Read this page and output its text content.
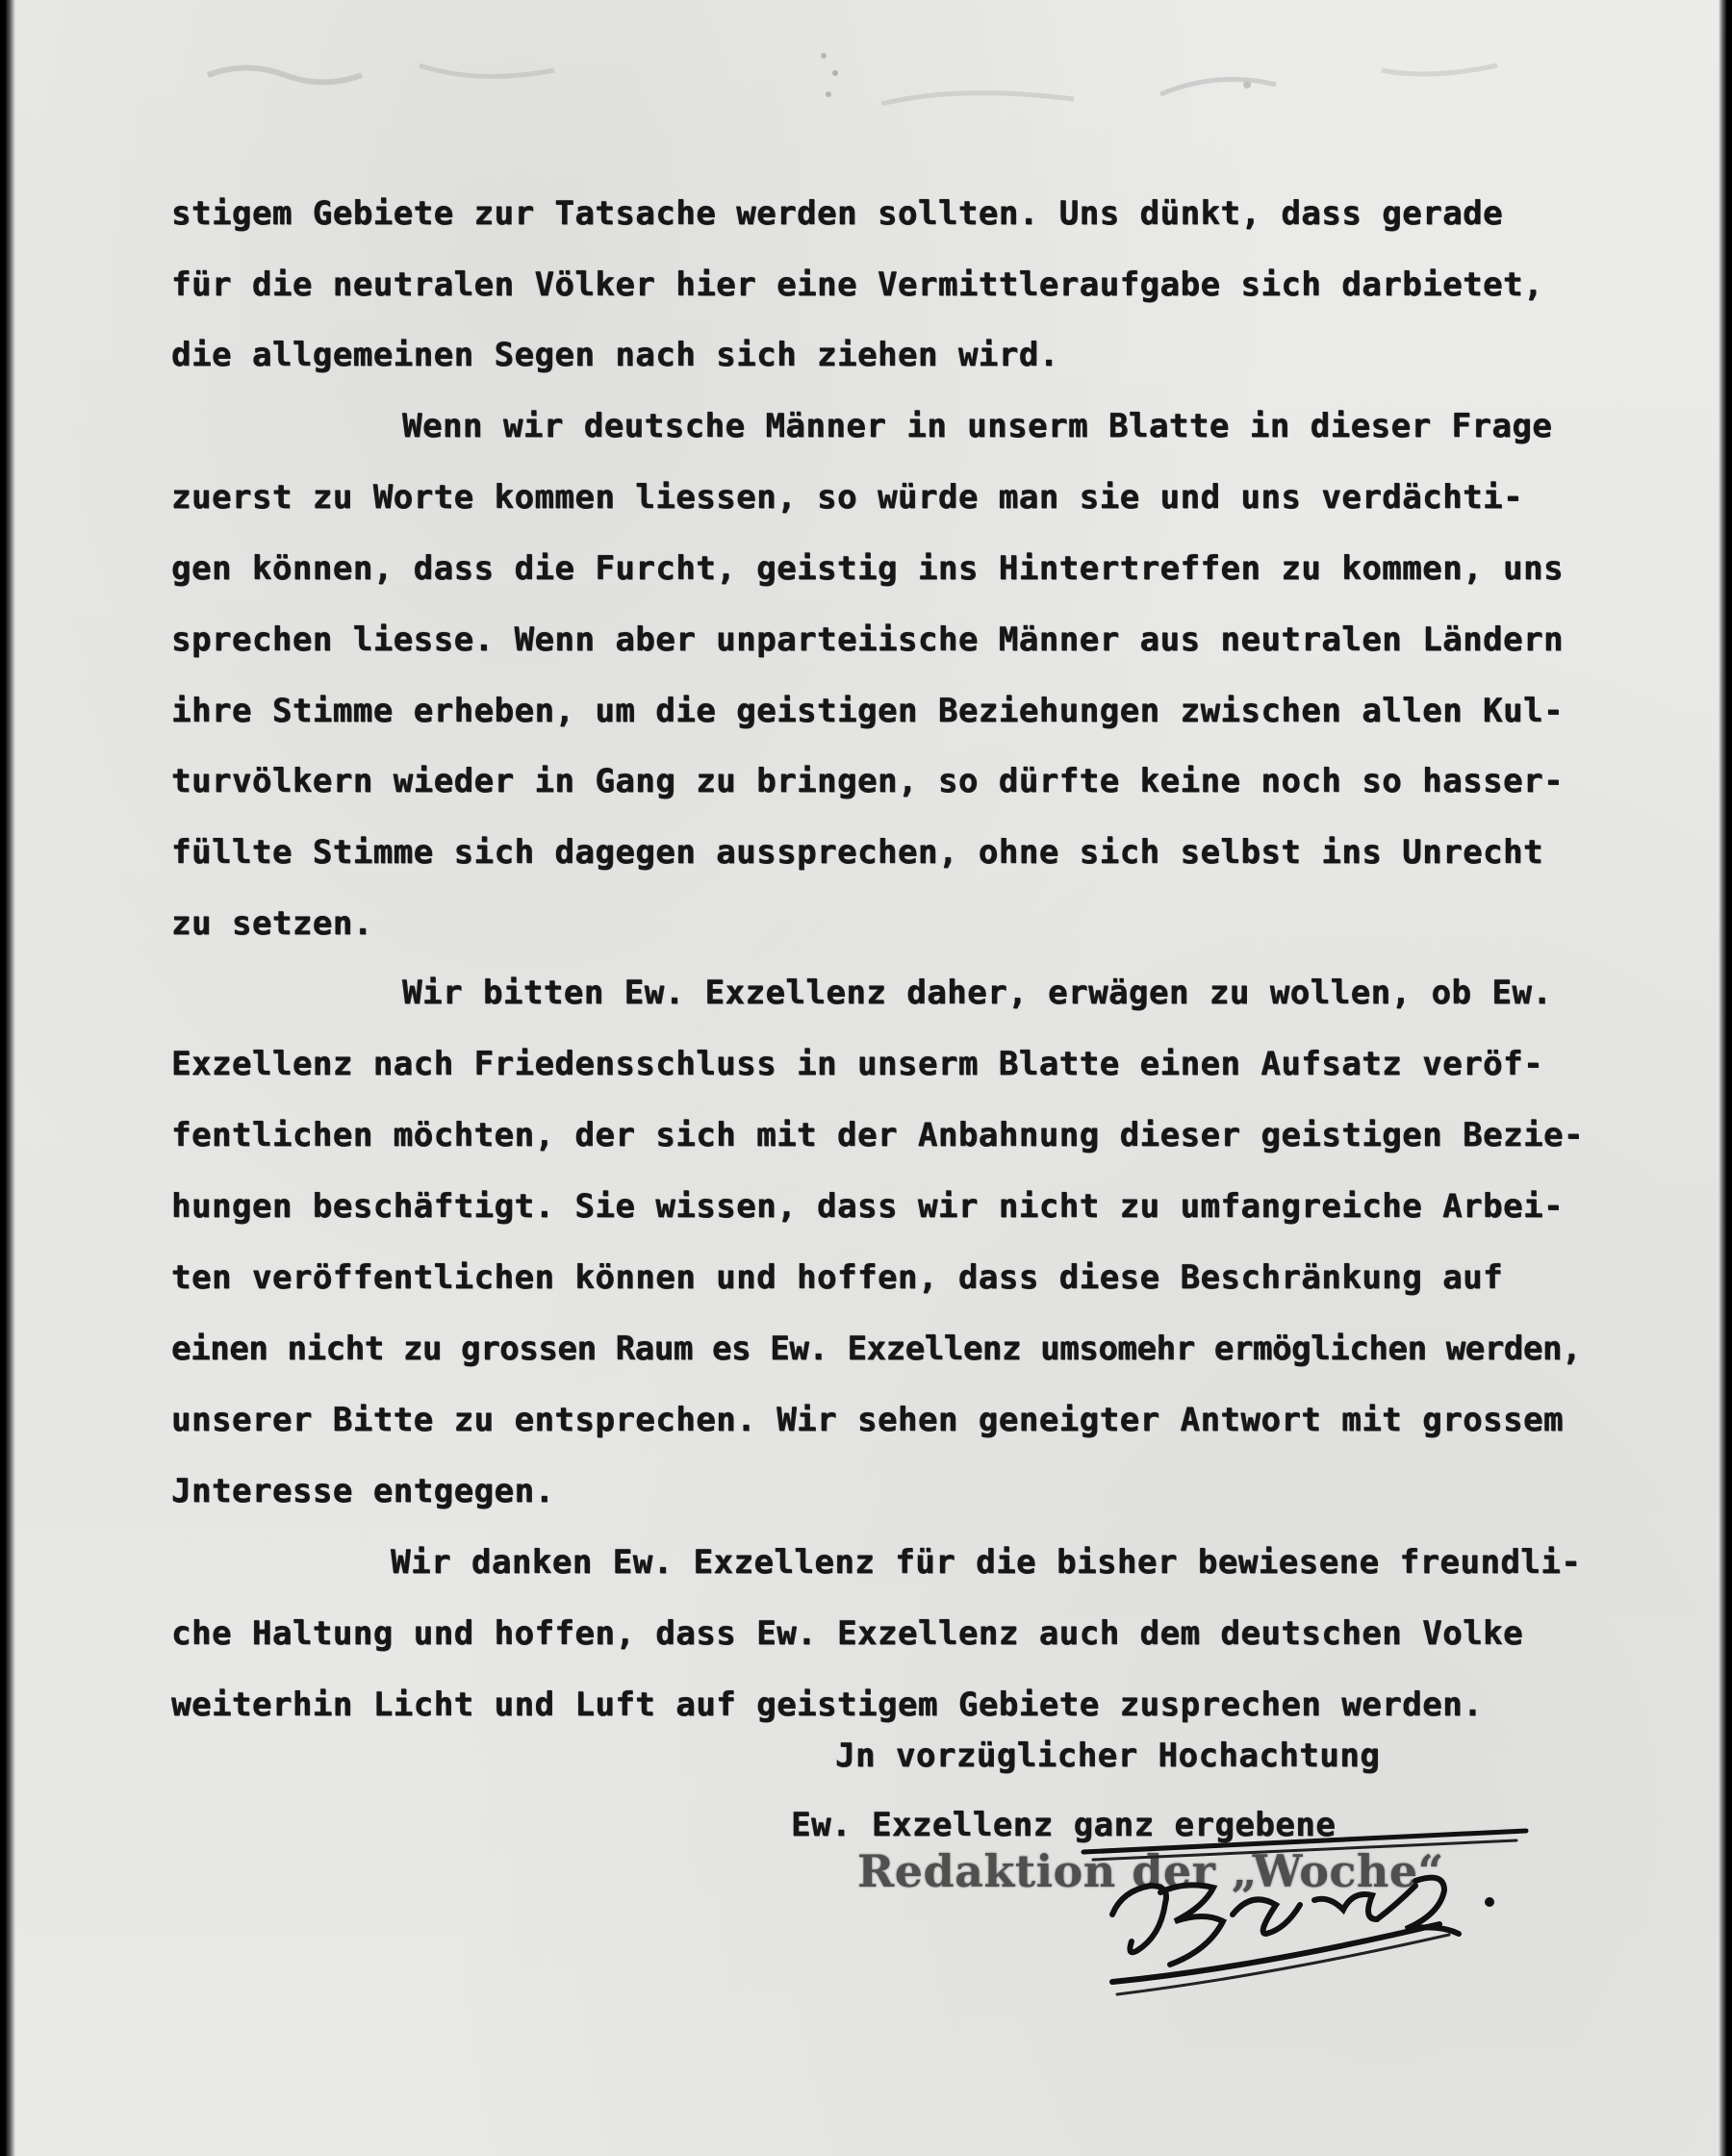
stigem Gebiete zur Tatsache werden sollten. Uns dünkt, dass gerade
für die neutralen Völker hier eine Vermittleraufgabe sich darbietet,
die allgemeinen Segen nach sich ziehen wird.
Wenn wir deutsche Männer in unserm Blatte in dieser Frage
zuerst zu Worte kommen liessen, so würde man sie und uns verdächti-
gen können, dass die Furcht, geistig ins Hintertreffen zu kommen, uns
sprechen liesse. Wenn aber unparteiische Männer aus neutralen Ländern
ihre Stimme erheben, um die geistigen Beziehungen zwischen allen Kul-
turvölkern wieder in Gang zu bringen, so dürfte keine noch so hasser-
füllte Stimme sich dagegen aussprechen, ohne sich selbst ins Unrecht
zu setzen.
Wir bitten Ew. Exzellenz daher, erwägen zu wollen, ob Ew.
Exzellenz nach Friedensschluss in unserm Blatte einen Aufsatz veröf-
fentlichen möchten, der sich mit der Anbahnung dieser geistigen Bezie-
hungen beschäftigt. Sie wissen, dass wir nicht zu umfangreiche Arbei-
ten veröffentlichen können und hoffen, dass diese Beschränkung auf
einen nicht zu grossen Raum es Ew. Exzellenz umsomehr ermöglichen werden,
unserer Bitte zu entsprechen. Wir sehen geneigter Antwort mit grossem
Jnteresse entgegen.
Wir danken Ew. Exzellenz für die bisher bewiesene freundli-
che Haltung und hoffen, dass Ew. Exzellenz auch dem deutschen Volke
weiterhin Licht und Luft auf geistigem Gebiete zusprechen werden.
Jn vorzüglicher Hochachtung
Ew. Exzellenz ganz ergebene
Redaktion der „Woche“
